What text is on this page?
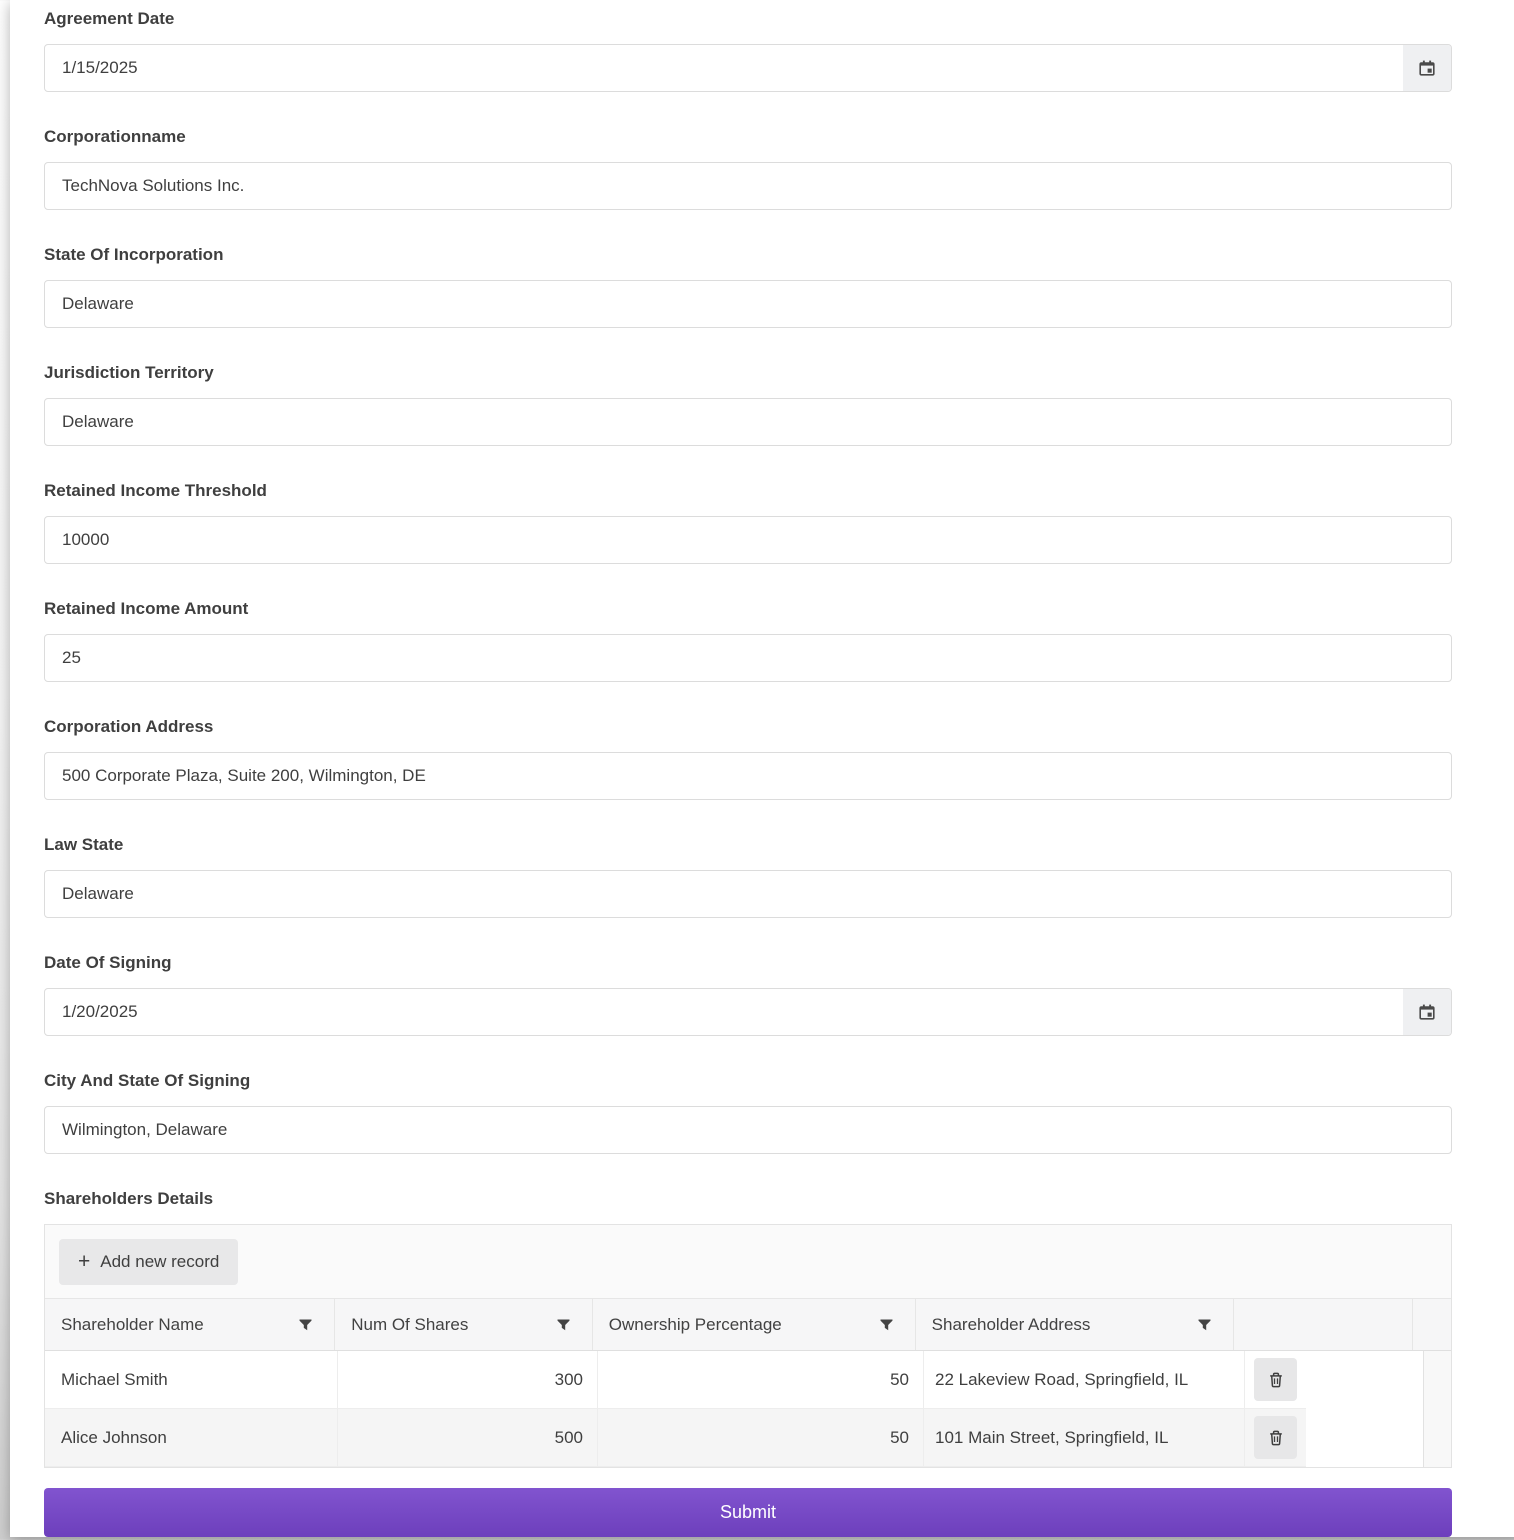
Agreement Date
1/15/2025
Corporationname
TechNova Solutions Inc.
State Of Incorporation
Delaware
Jurisdiction Territory
Delaware
Retained Income Threshold
10000
Retained Income Amount
25
Corporation Address
500 Corporate Plaza, Suite 200, Wilmington, DE
Law State
Delaware
Date Of Signing
1/20/2025
City And State Of Signing
Wilmington, Delaware
Shareholders Details
+ Add new record
Shareholder Name	Num Of Shares	Ownership Percentage	Shareholder Address
Michael Smith	300	50	22 Lakeview Road, Springfield, IL
Alice Johnson	500	50	101 Main Street, Springfield, IL
Submit
